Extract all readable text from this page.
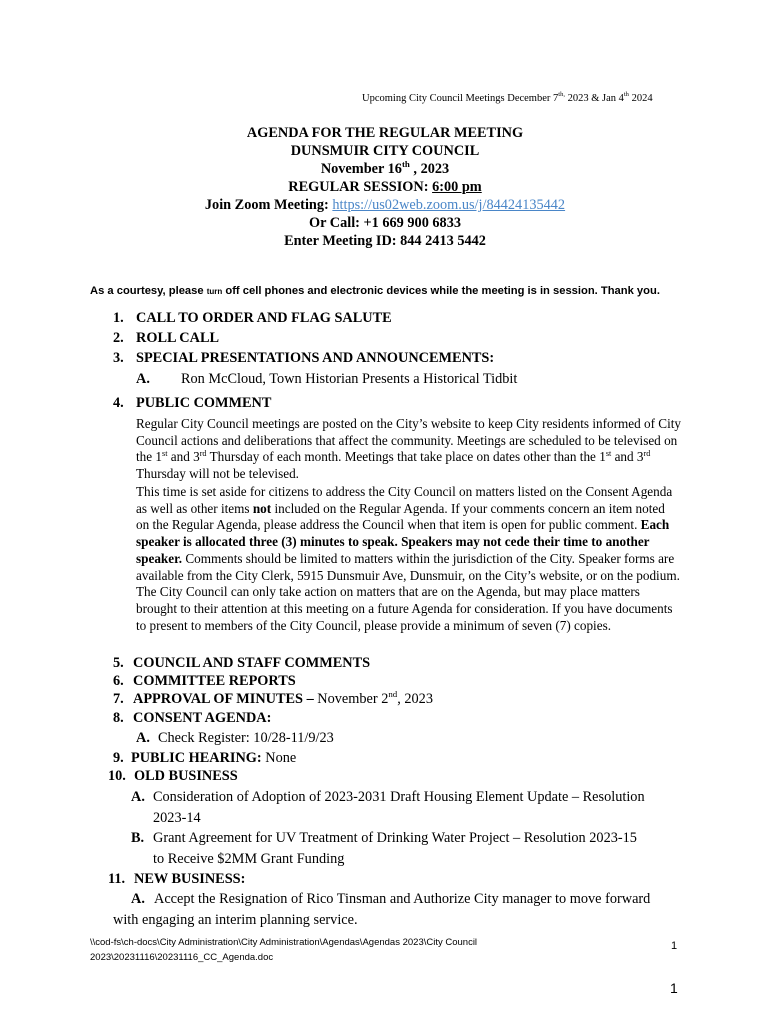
Upcoming City Council Meetings December $7^{th,}$ 2023 & Jan 4th 2024
AGENDA FOR THE REGULAR MEETING
DUNSMUIR CITY COUNCIL
November 16th , 2023
REGULAR SESSION: 6:00 pm
Join Zoom Meeting: https://us02web.zoom.us/j/84424135442
Or Call: +1 669 900 6833
Enter Meeting ID: 844 2413 5442
As a courtesy, please turn off cell phones and electronic devices while the meeting is in session. Thank you.
1. CALL TO ORDER AND FLAG SALUTE
2. ROLL CALL
3. SPECIAL PRESENTATIONS AND ANNOUNCEMENTS:
A. Ron McCloud, Town Historian Presents a Historical Tidbit
4. PUBLIC COMMENT
Regular City Council meetings are posted on the City’s website to keep City residents informed of City Council actions and deliberations that affect the community. Meetings are scheduled to be televised on the 1st and 3rd Thursday of each month. Meetings that take place on dates other than the 1st and 3rd Thursday will not be televised.
This time is set aside for citizens to address the City Council on matters listed on the Consent Agenda as well as other items not included on the Regular Agenda. If your comments concern an item noted on the Regular Agenda, please address the Council when that item is open for public comment. Each speaker is allocated three (3) minutes to speak. Speakers may not cede their time to another speaker. Comments should be limited to matters within the jurisdiction of the City. Speaker forms are available from the City Clerk, 5915 Dunsmuir Ave, Dunsmuir, on the City’s website, or on the podium. The City Council can only take action on matters that are on the Agenda, but may place matters brought to their attention at this meeting on a future Agenda for consideration. If you have documents to present to members of the City Council, please provide a minimum of seven (7) copies.
5. COUNCIL AND STAFF COMMENTS
6. COMMITTEE REPORTS
7. APPROVAL OF MINUTES – November 2nd, 2023
8. CONSENT AGENDA:
A. Check Register: 10/28-11/9/23
9. PUBLIC HEARING: None
10. OLD BUSINESS
A. Consideration of Adoption of 2023-2031 Draft Housing Element Update – Resolution
2023-14
B. Grant Agreement for UV Treatment of Drinking Water Project – Resolution 2023-15
to Receive $2MM Grant Funding
11. NEW BUSINESS:
A. Accept the Resignation of Rico Tinsman and Authorize City manager to move forward
with engaging an interim planning service.
\\cod-fs\ch-docs\City Administration\City Administration\Agendas\Agendas 2023\City Council
2023\20231116\20231116_CC_Agenda.doc
1
1
